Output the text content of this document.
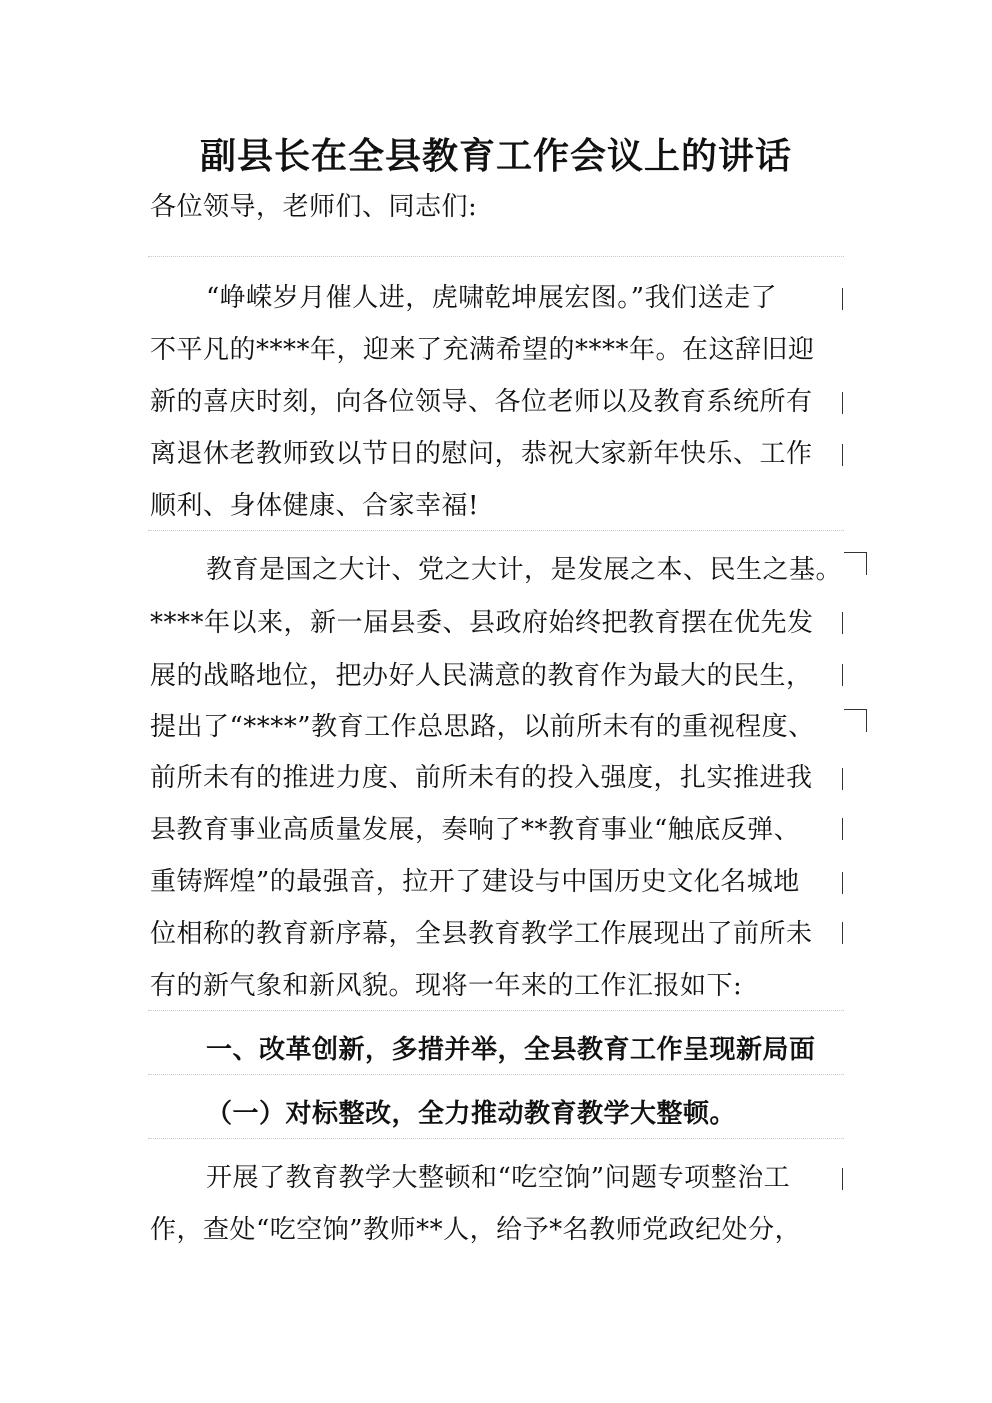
副县长在全县教育工作会议上的讲话
各位领导，老师们、同志们:
“峥嵘岁月催人进，虎啸乾坤展宏图。”我们送走了
不平凡的****年，迎来了充满希望的****年。在这辞旧迎
新的喜庆时刻，向各位领导、各位老师以及教育系统所有
离退休老教师致以节日的慰问，恭祝大家新年快乐、工作
顺利、身体健康、合家幸福!
教育是国之大计、党之大计，是发展之本、民生之基。
****年以来，新一届县委、县政府始终把教育摆在优先发
展的战略地位，把办好人民满意的教育作为最大的民生，
提出了“****”教育工作总思路，以前所未有的重视程度、
前所未有的推进力度、前所未有的投入强度，扎实推进我
县教育事业高质量发展，奏响了**教育事业“触底反弹、
重铸辉煌”的最强音，拉开了建设与中国历史文化名城地
位相称的教育新序幕，全县教育教学工作展现出了前所未
有的新气象和新风貌。现将一年来的工作汇报如下:
一、改革创新，多措并举，全县教育工作呈现新局面
（一）对标整改，全力推动教育教学大整顿。
开展了教育教学大整顿和“吃空饷”问题专项整治工
作，查处“吃空饷”教师**人，给予*名教师党政纪处分，
